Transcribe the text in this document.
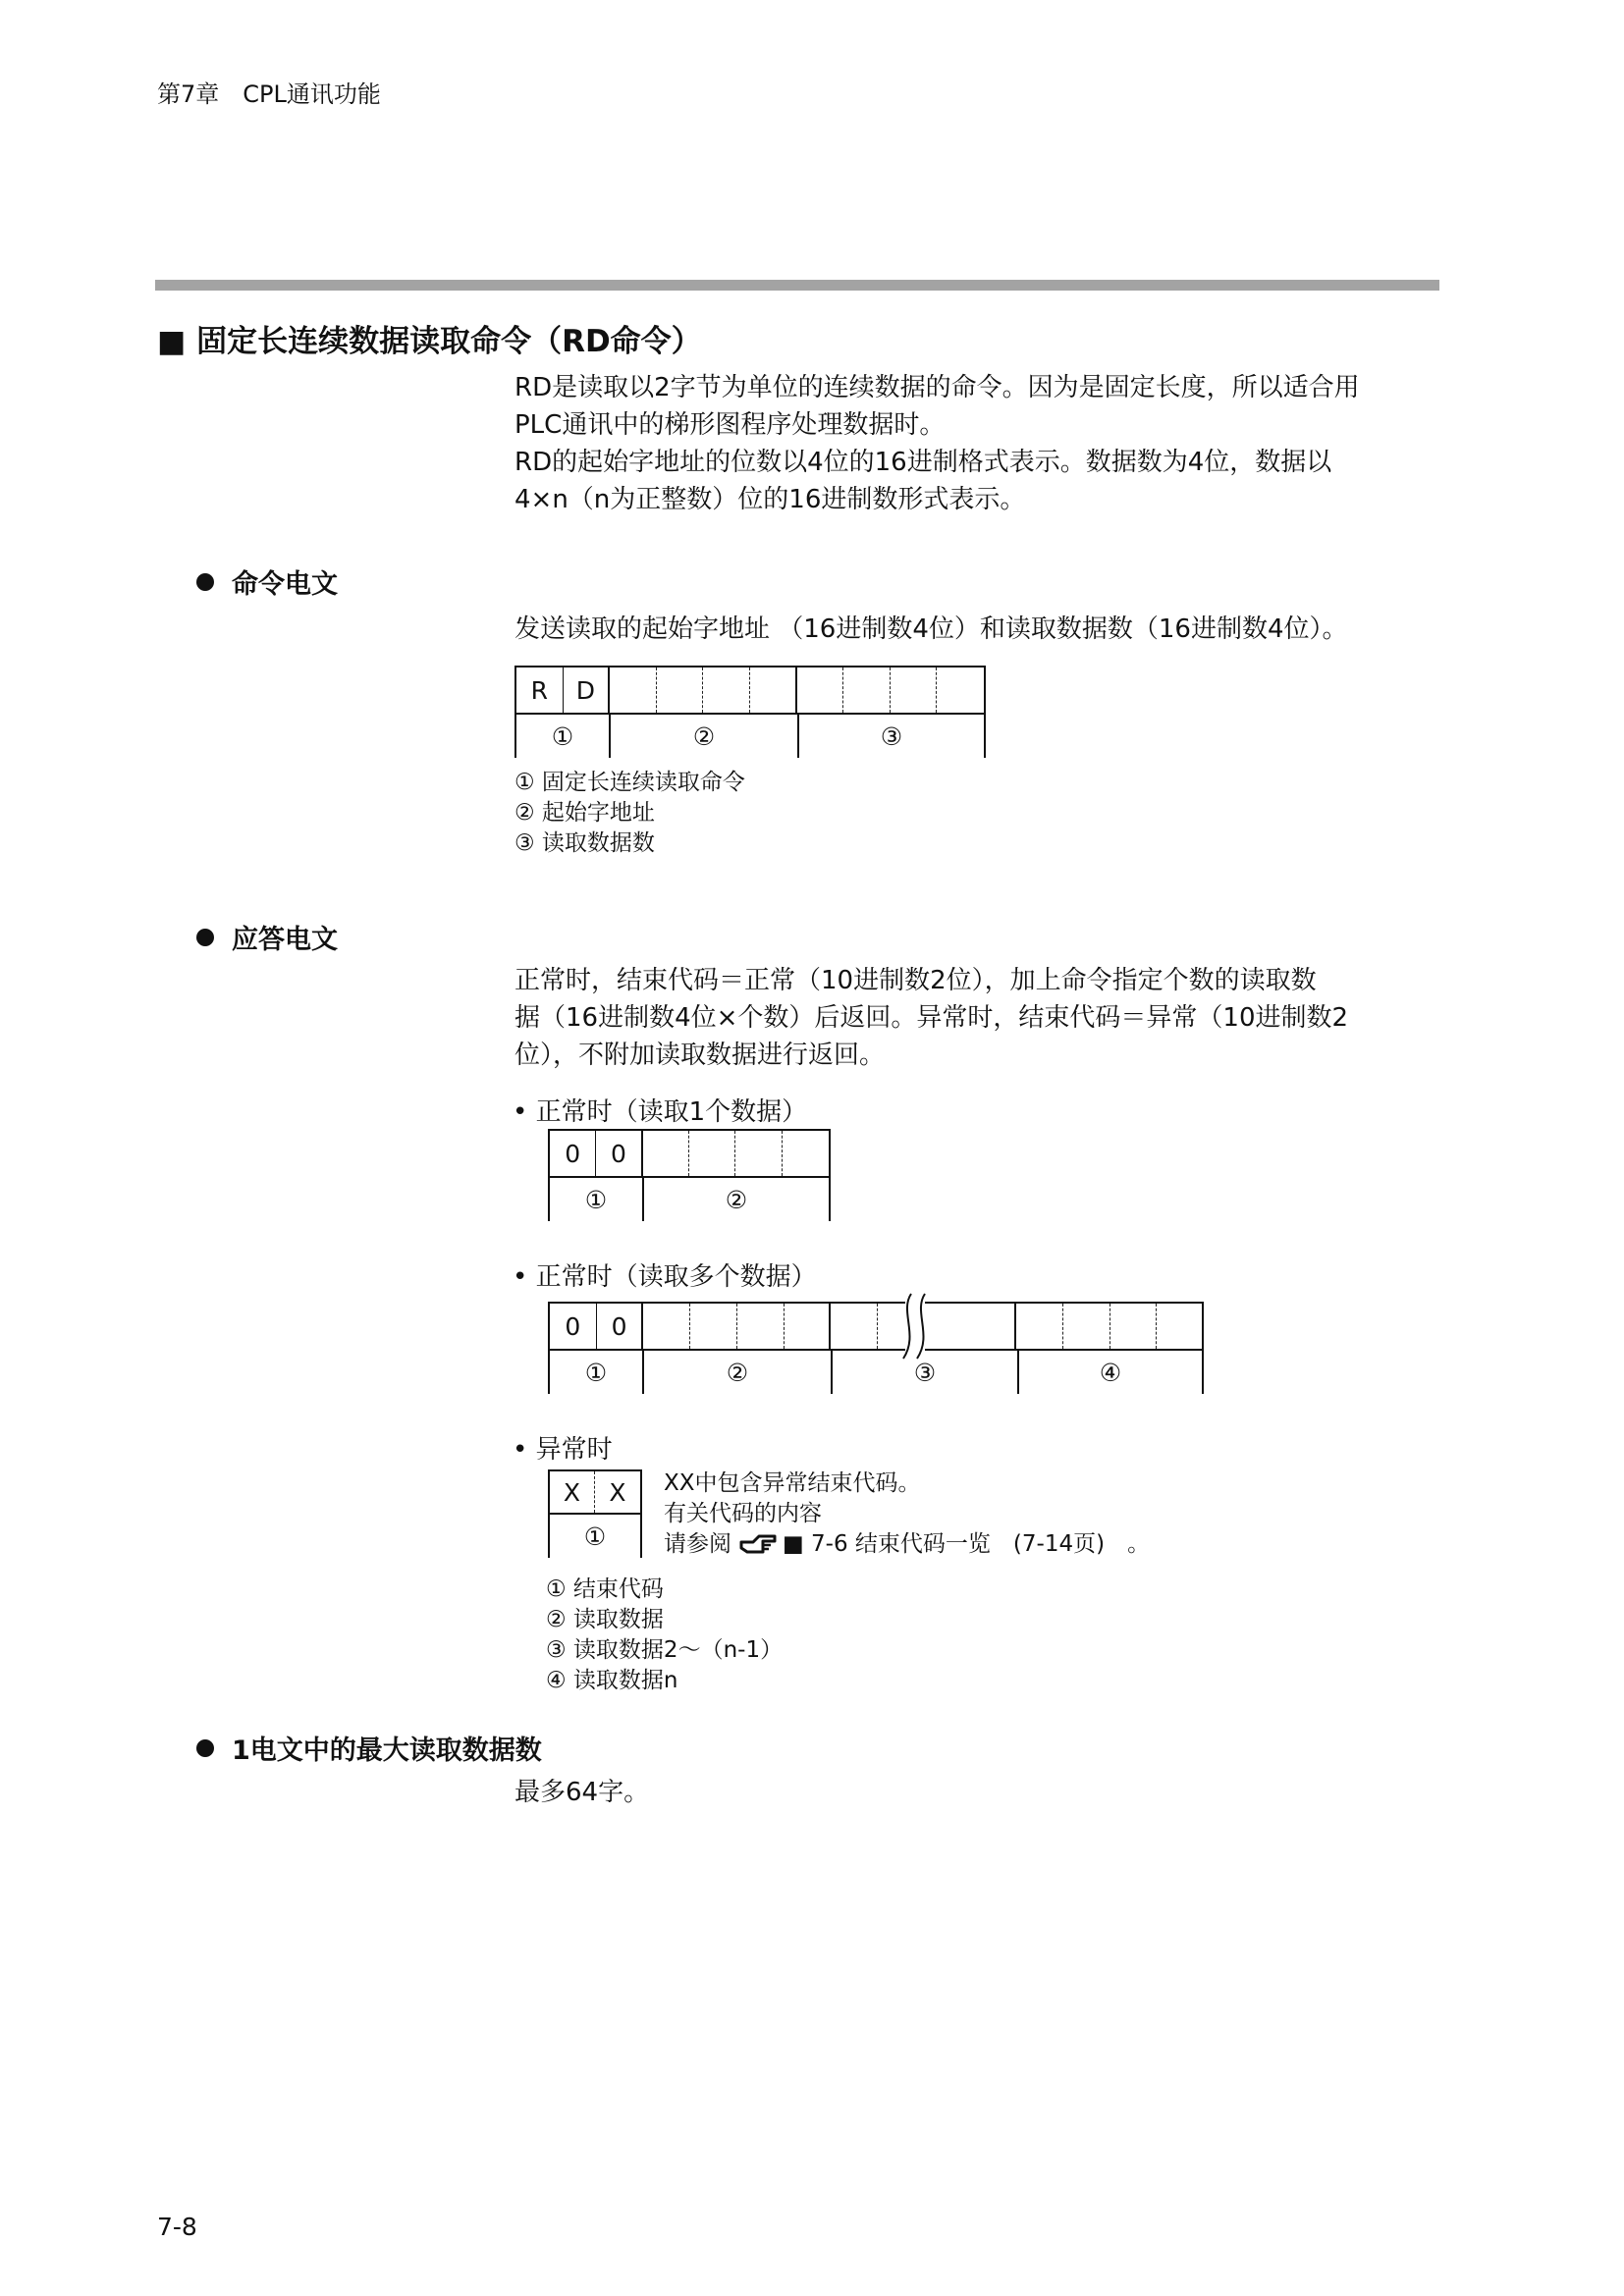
第7章　CPL通讯功能
■ 固定长连续数据读取命令（RD命令）
RD是读取以2字节为单位的连续数据的命令。因为是固定长度，所以适合用
PLC通讯中的梯形图程序处理数据时。
RD的起始字地址的位数以4位的16进制格式表示。数据数为4位，数据以
4×n（n为正整数）位的16进制数形式表示。
命令电文
发送读取的起始字地址 （16进制数4位）和读取数据数（16进制数4位）。
R	D
①	②	③
① 固定长连续读取命令
② 起始字地址
③ 读取数据数
应答电文
正常时，结束代码＝正常（10进制数2位），加上命令指定个数的读取数
据（16进制数4位×个数）后返回。异常时，结束代码＝异常（10进制数2
位），不附加读取数据进行返回。
• 正常时（读取1个数据）
0	0
①	②
• 正常时（读取多个数据）
0	0
①	②	③	④
• 异常时
X	X
①
XX中包含异常结束代码。
有关代码的内容
请参阅 ■ 7-6 结束代码一览　(7-14页)　。
① 结束代码
② 读取数据
③ 读取数据2～（n-1）
④ 读取数据n
1电文中的最大读取数据数
最多64字。
7-8
